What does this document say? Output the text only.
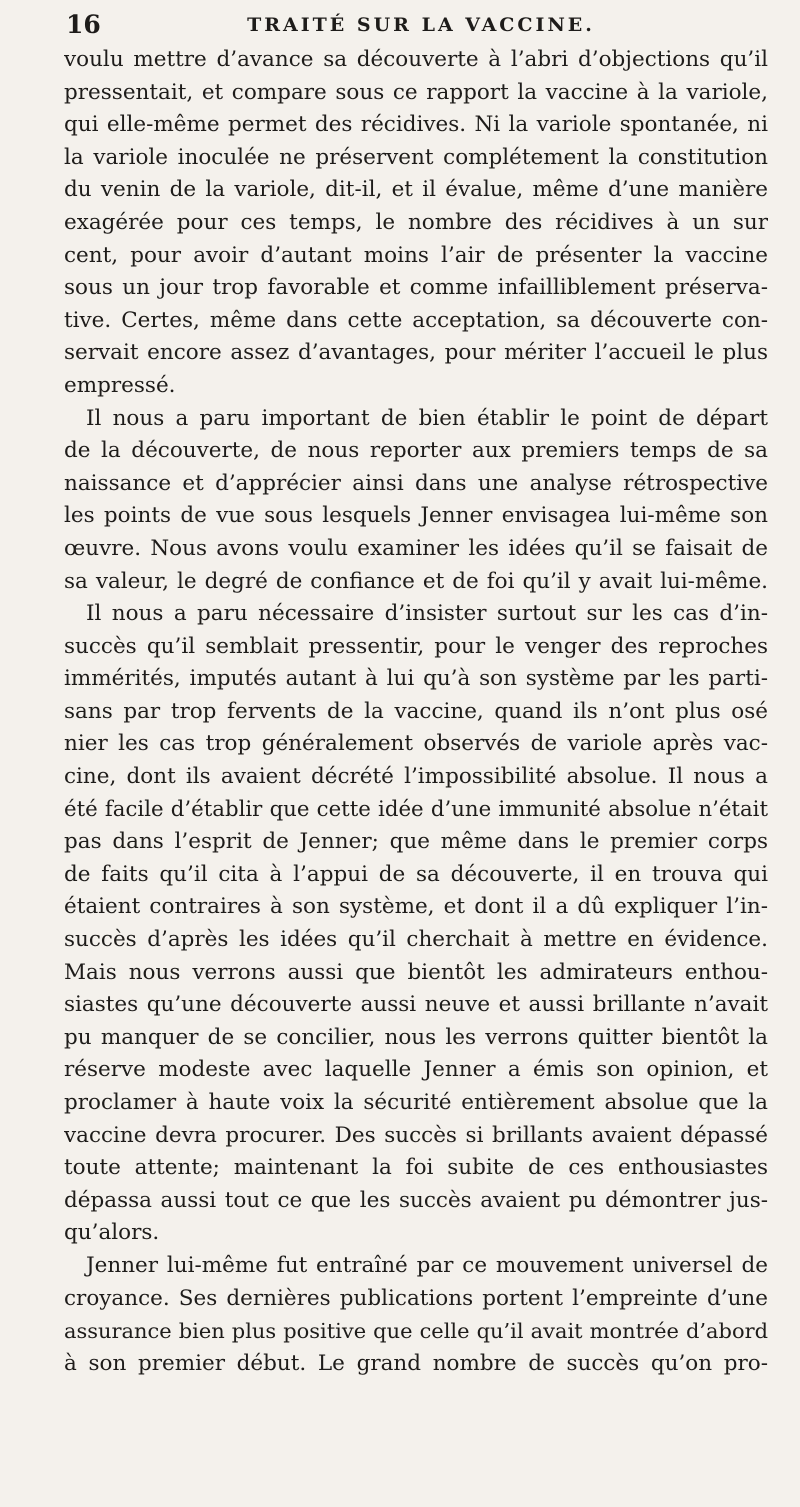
16	TRAITÉ SUR LA VACCINE.
voulu mettre d’avance sa découverte à l’abri d’objections qu’il
pressentait, et compare sous ce rapport la vaccine à la variole,
qui elle-même permet des récidives. Ni la variole spontanée, ni
la variole inoculée ne préservent complétement la constitution
du venin de la variole, dit-il, et il évalue, même d’une manière
exagérée pour ces temps, le nombre des récidives à un sur
cent, pour avoir d’autant moins l’air de présenter la vaccine
sous un jour trop favorable et comme infailliblement préserva-
tive. Certes, même dans cette acceptation, sa découverte con-
servait encore assez d’avantages, pour mériter l’accueil le plus
empressé.
Il nous a paru important de bien établir le point de départ
de la découverte, de nous reporter aux premiers temps de sa
naissance et d’apprécier ainsi dans une analyse rétrospective
les points de vue sous lesquels Jenner envisagea lui-même son
œuvre. Nous avons voulu examiner les idées qu’il se faisait de
sa valeur, le degré de confiance et de foi qu’il y avait lui-même.
Il nous a paru nécessaire d’insister surtout sur les cas d’in-
succès qu’il semblait pressentir, pour le venger des reproches
immérités, imputés autant à lui qu’à son système par les parti-
sans par trop fervents de la vaccine, quand ils n’ont plus osé
nier les cas trop généralement observés de variole après vac-
cine, dont ils avaient décrété l’impossibilité absolue. Il nous a
été facile d’établir que cette idée d’une immunité absolue n’était
pas dans l’esprit de Jenner; que même dans le premier corps
de faits qu’il cita à l’appui de sa découverte, il en trouva qui
étaient contraires à son système, et dont il a dû expliquer l’in-
succès d’après les idées qu’il cherchait à mettre en évidence.
Mais nous verrons aussi que bientôt les admirateurs enthou-
siastes qu’une découverte aussi neuve et aussi brillante n’avait
pu manquer de se concilier, nous les verrons quitter bientôt la
réserve modeste avec laquelle Jenner a émis son opinion, et
proclamer à haute voix la sécurité entièrement absolue que la
vaccine devra procurer. Des succès si brillants avaient dépassé
toute attente; maintenant la foi subite de ces enthousiastes
dépassa aussi tout ce que les succès avaient pu démontrer jus-
qu’alors.
Jenner lui-même fut entraîné par ce mouvement universel de
croyance. Ses dernières publications portent l’empreinte d’une
assurance bien plus positive que celle qu’il avait montrée d’abord
à son premier début. Le grand nombre de succès qu’on pro-
